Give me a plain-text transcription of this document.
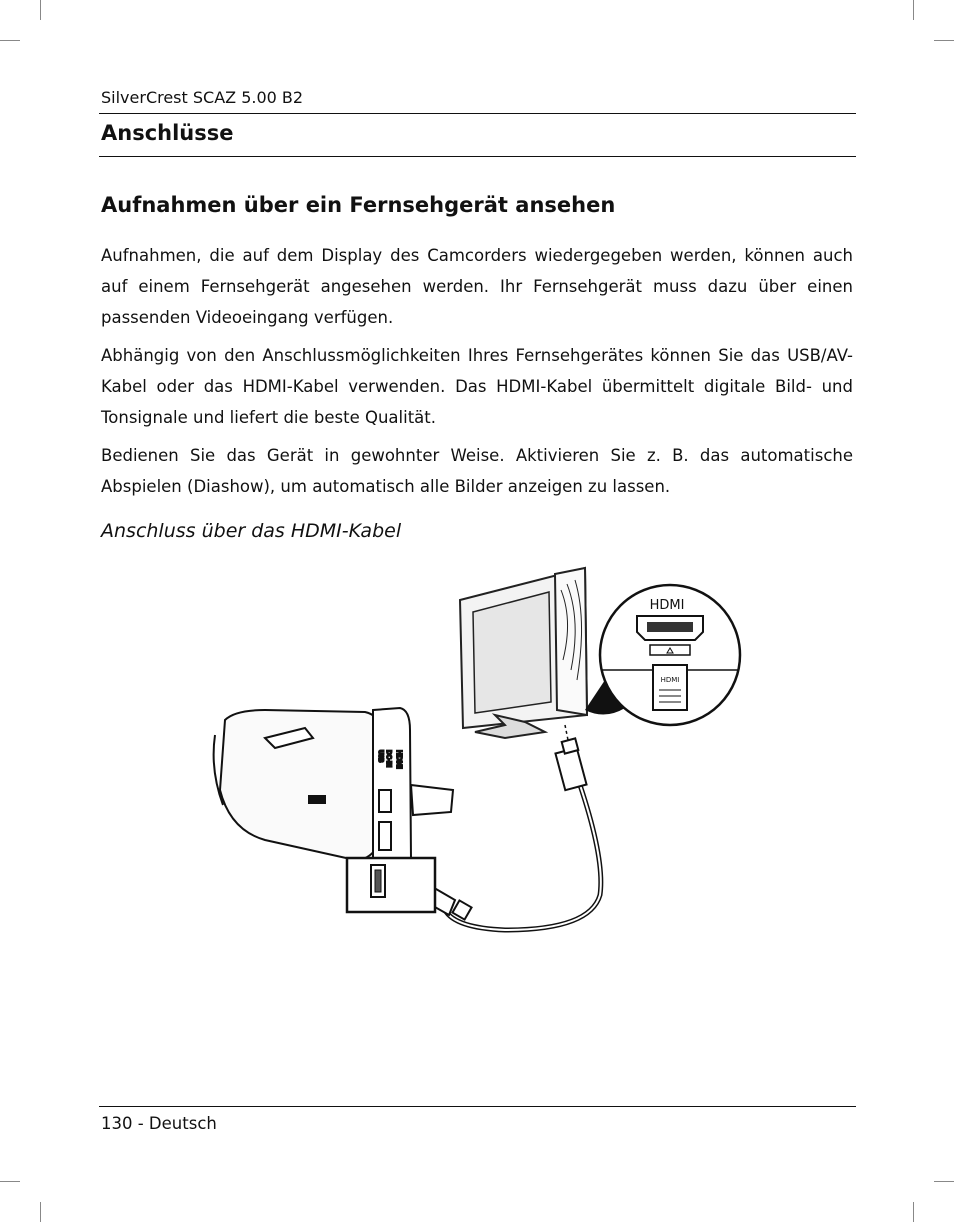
SilverCrest SCAZ 5.00 B2
Anschlüsse
Aufnahmen über ein Fernsehgerät ansehen

Aufnahmen, die auf dem Display des Camcorders wiedergegeben werden, können auch auf einem Fernsehgerät angesehen werden. Ihr Fernsehgerät muss dazu über einen passenden Videoeingang verfügen.

Abhängig von den Anschlussmöglichkeiten Ihres Fernsehgerätes können Sie das USB/AV-Kabel oder das HDMI-Kabel verwenden. Das HDMI-Kabel übermittelt digitale Bild- und Tonsignale und liefert die beste Qualität.

Bedienen Sie das Gerät in gewohnter Weise. Aktivieren Sie z. B. das automatische Abspielen (Diashow), um automatisch alle Bilder anzeigen zu lassen.

Anschluss über das HDMI-Kabel
HDMI
HDMI
HDMI
DC-IN
USB
130 - Deutsch
